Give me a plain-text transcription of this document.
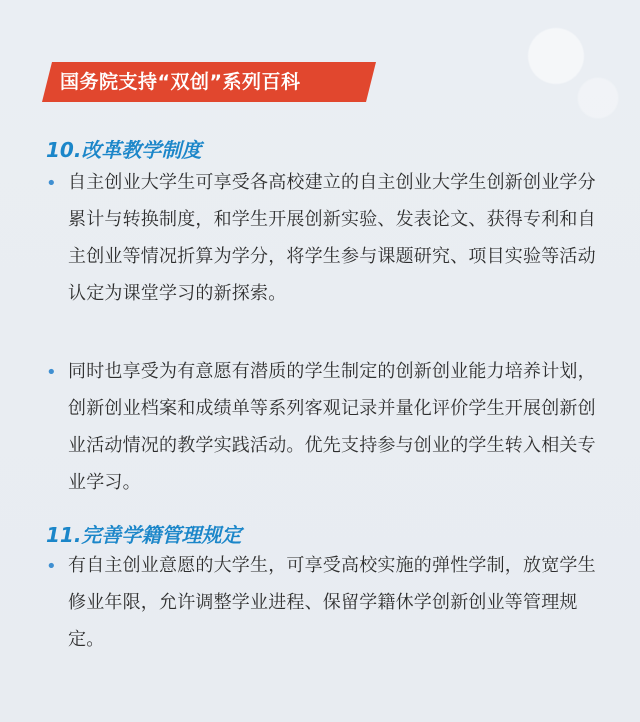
国务院支持“双创”系列百科
10.改革教学制度
• 自主创业大学生可享受各高校建立的自主创业大学生创新创业学分累计与转换制度，和学生开展创新实验、发表论文、获得专利和自主创业等情况折算为学分，将学生参与课题研究、项目实验等活动认定为课堂学习的新探索。
• 同时也享受为有意愿有潜质的学生制定的创新创业能力培养计划，创新创业档案和成绩单等系列客观记录并量化评价学生开展创新创业活动情况的教学实践活动。优先支持参与创业的学生转入相关专业学习。
11.完善学籍管理规定
• 有自主创业意愿的大学生，可享受高校实施的弹性学制，放宽学生修业年限，允许调整学业进程、保留学籍休学创新创业等管理规定。
